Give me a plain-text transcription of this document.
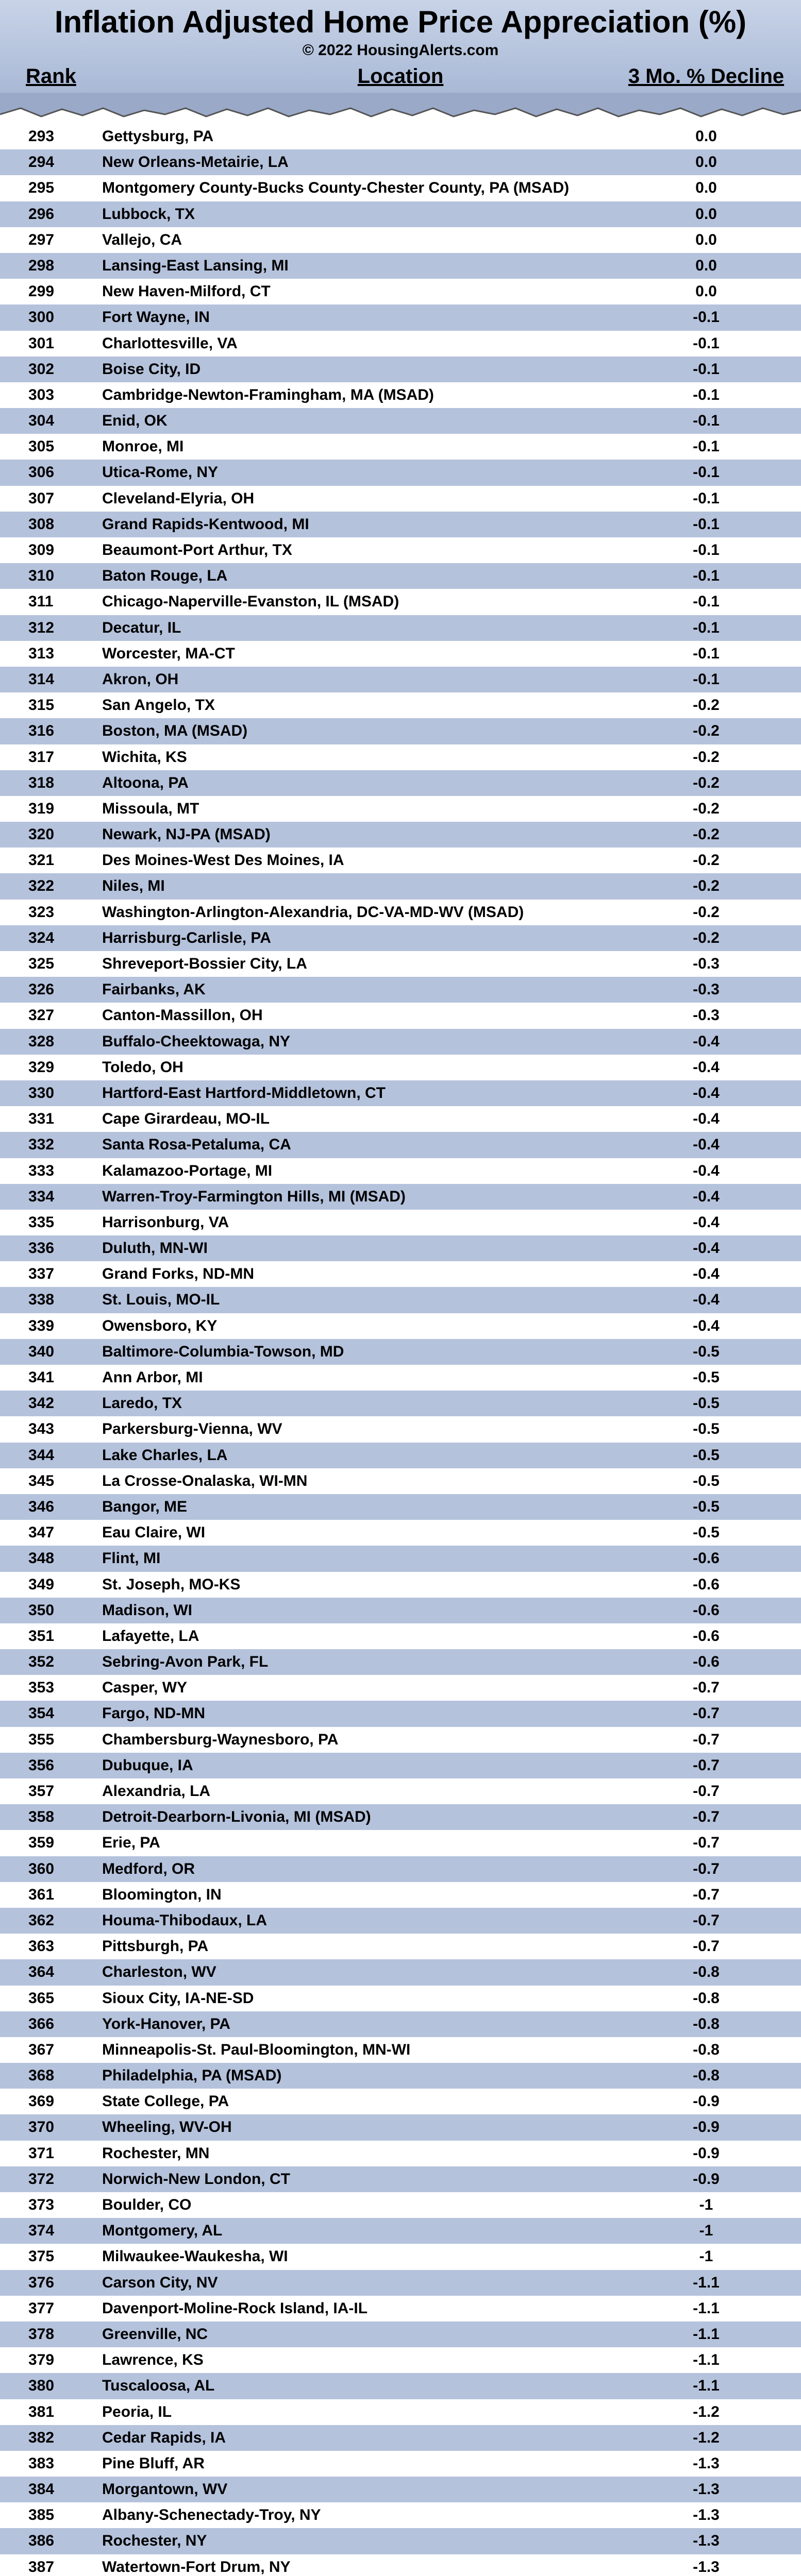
Inflation Adjusted Home Price Appreciation (%)
© 2022 HousingAlerts.com
Rank	Location	3 Mo. % Decline
293	Gettysburg, PA	0.0
294	New Orleans-Metairie, LA	0.0
295	Montgomery County-Bucks County-Chester County, PA (MSAD)	0.0
296	Lubbock, TX	0.0
297	Vallejo, CA	0.0
298	Lansing-East Lansing, MI	0.0
299	New Haven-Milford, CT	0.0
300	Fort Wayne, IN	-0.1
301	Charlottesville, VA	-0.1
302	Boise City, ID	-0.1
303	Cambridge-Newton-Framingham, MA (MSAD)	-0.1
304	Enid, OK	-0.1
305	Monroe, MI	-0.1
306	Utica-Rome, NY	-0.1
307	Cleveland-Elyria, OH	-0.1
308	Grand Rapids-Kentwood, MI	-0.1
309	Beaumont-Port Arthur, TX	-0.1
310	Baton Rouge, LA	-0.1
311	Chicago-Naperville-Evanston, IL (MSAD)	-0.1
312	Decatur, IL	-0.1
313	Worcester, MA-CT	-0.1
314	Akron, OH	-0.1
315	San Angelo, TX	-0.2
316	Boston, MA (MSAD)	-0.2
317	Wichita, KS	-0.2
318	Altoona, PA	-0.2
319	Missoula, MT	-0.2
320	Newark, NJ-PA (MSAD)	-0.2
321	Des Moines-West Des Moines, IA	-0.2
322	Niles, MI	-0.2
323	Washington-Arlington-Alexandria, DC-VA-MD-WV (MSAD)	-0.2
324	Harrisburg-Carlisle, PA	-0.2
325	Shreveport-Bossier City, LA	-0.3
326	Fairbanks, AK	-0.3
327	Canton-Massillon, OH	-0.3
328	Buffalo-Cheektowaga, NY	-0.4
329	Toledo, OH	-0.4
330	Hartford-East Hartford-Middletown, CT	-0.4
331	Cape Girardeau, MO-IL	-0.4
332	Santa Rosa-Petaluma, CA	-0.4
333	Kalamazoo-Portage, MI	-0.4
334	Warren-Troy-Farmington Hills, MI (MSAD)	-0.4
335	Harrisonburg, VA	-0.4
336	Duluth, MN-WI	-0.4
337	Grand Forks, ND-MN	-0.4
338	St. Louis, MO-IL	-0.4
339	Owensboro, KY	-0.4
340	Baltimore-Columbia-Towson, MD	-0.5
341	Ann Arbor, MI	-0.5
342	Laredo, TX	-0.5
343	Parkersburg-Vienna, WV	-0.5
344	Lake Charles, LA	-0.5
345	La Crosse-Onalaska, WI-MN	-0.5
346	Bangor, ME	-0.5
347	Eau Claire, WI	-0.5
348	Flint, MI	-0.6
349	St. Joseph, MO-KS	-0.6
350	Madison, WI	-0.6
351	Lafayette, LA	-0.6
352	Sebring-Avon Park, FL	-0.6
353	Casper, WY	-0.7
354	Fargo, ND-MN	-0.7
355	Chambersburg-Waynesboro, PA	-0.7
356	Dubuque, IA	-0.7
357	Alexandria, LA	-0.7
358	Detroit-Dearborn-Livonia, MI (MSAD)	-0.7
359	Erie, PA	-0.7
360	Medford, OR	-0.7
361	Bloomington, IN	-0.7
362	Houma-Thibodaux, LA	-0.7
363	Pittsburgh, PA	-0.7
364	Charleston, WV	-0.8
365	Sioux City, IA-NE-SD	-0.8
366	York-Hanover, PA	-0.8
367	Minneapolis-St. Paul-Bloomington, MN-WI	-0.8
368	Philadelphia, PA (MSAD)	-0.8
369	State College, PA	-0.9
370	Wheeling, WV-OH	-0.9
371	Rochester, MN	-0.9
372	Norwich-New London, CT	-0.9
373	Boulder, CO	-1
374	Montgomery, AL	-1
375	Milwaukee-Waukesha, WI	-1
376	Carson City, NV	-1.1
377	Davenport-Moline-Rock Island, IA-IL	-1.1
378	Greenville, NC	-1.1
379	Lawrence, KS	-1.1
380	Tuscaloosa, AL	-1.1
381	Peoria, IL	-1.2
382	Cedar Rapids, IA	-1.2
383	Pine Bluff, AR	-1.3
384	Morgantown, WV	-1.3
385	Albany-Schenectady-Troy, NY	-1.3
386	Rochester, NY	-1.3
387	Watertown-Fort Drum, NY	-1.3
